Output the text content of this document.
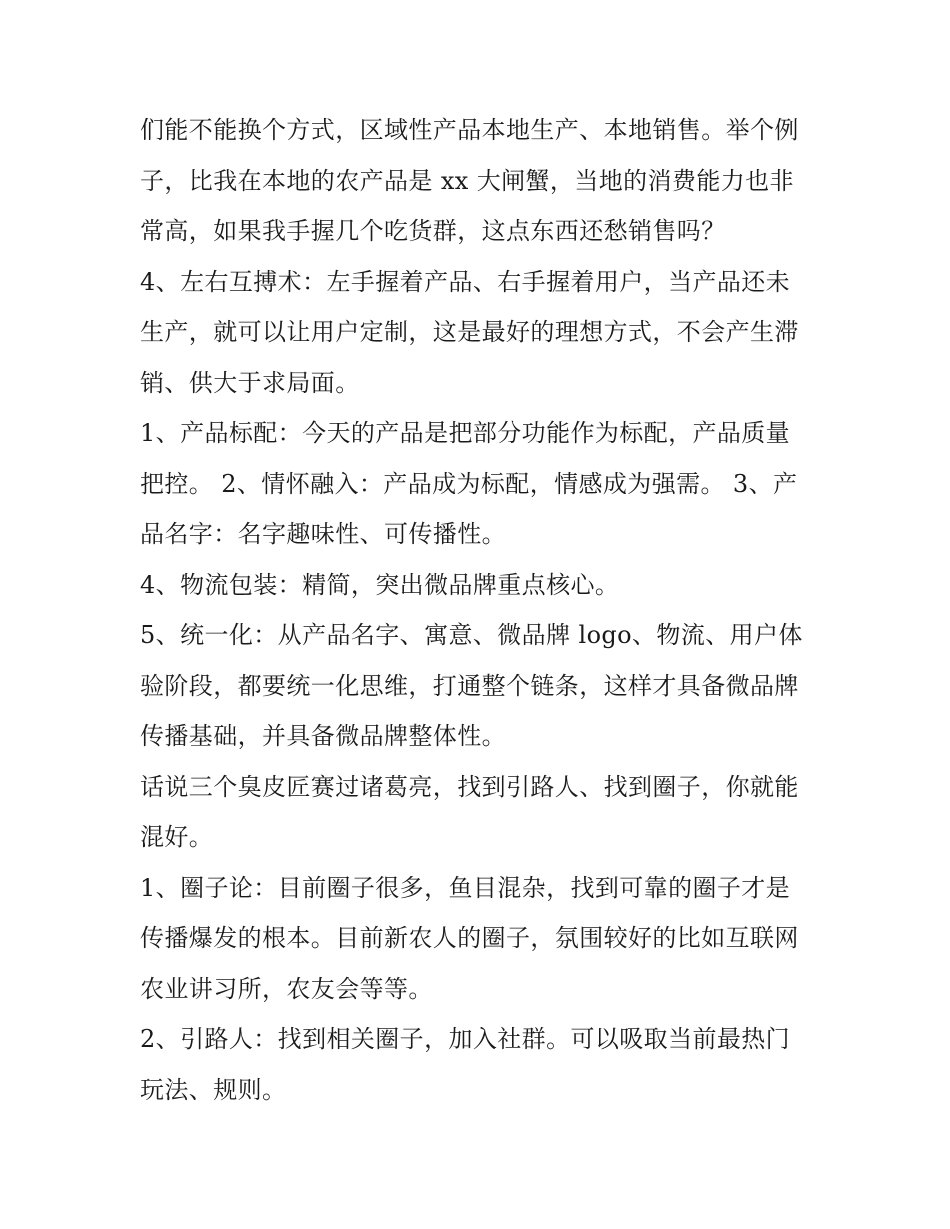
们能不能换个方式，区域性产品本地生产、本地销售。举个例
子，比我在本地的农产品是 xx 大闸蟹，当地的消费能力也非
常高，如果我手握几个吃货群，这点东西还愁销售吗？
4、左右互搏术：左手握着产品、右手握着用户，当产品还未
生产，就可以让用户定制，这是最好的理想方式，不会产生滞
销、供大于求局面。
1、产品标配：今天的产品是把部分功能作为标配，产品质量
把控。 2、情怀融入：产品成为标配，情感成为强需。 3、产
品名字：名字趣味性、可传播性。
4、物流包装：精简，突出微品牌重点核心。
5、统一化：从产品名字、寓意、微品牌 logo、物流、用户体
验阶段，都要统一化思维，打通整个链条，这样才具备微品牌
传播基础，并具备微品牌整体性。
话说三个臭皮匠赛过诸葛亮，找到引路人、找到圈子，你就能
混好。
1、圈子论：目前圈子很多，鱼目混杂，找到可靠的圈子才是
传播爆发的根本。目前新农人的圈子，氛围较好的比如互联网
农业讲习所，农友会等等。
2、引路人：找到相关圈子，加入社群。可以吸取当前最热门
玩法、规则。
